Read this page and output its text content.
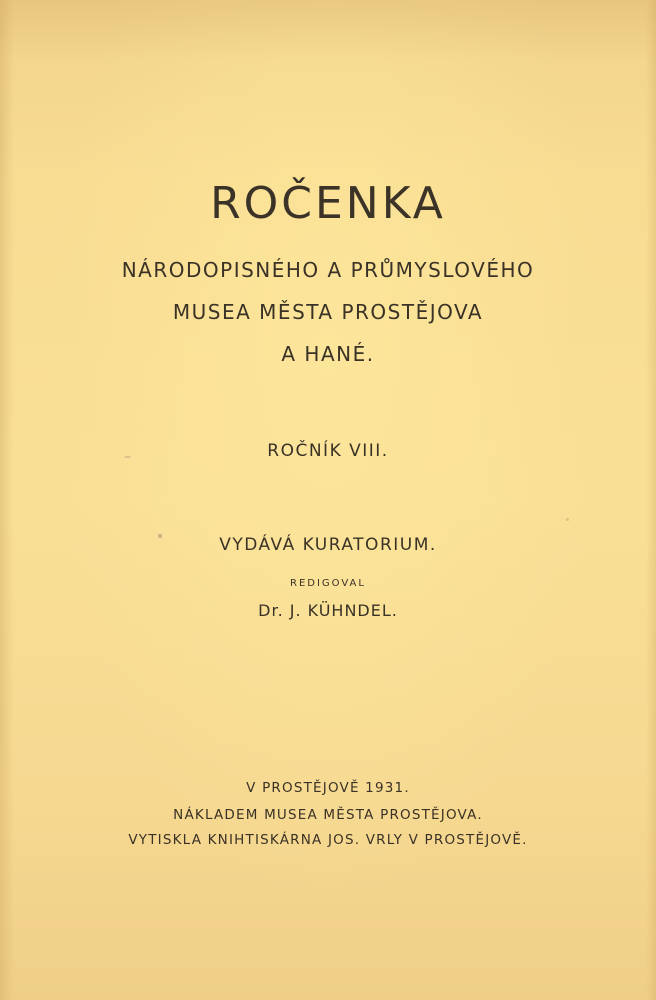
ROČENKA
NÁRODOPISNÉHO A PRŮMYSLOVÉHO
MUSEA MĚSTA PROSTĚJOVA
A HANÉ.
ROČNÍK VIII.
VYDÁVÁ KURATORIUM.
REDIGOVAL
Dr. J. KÜHNDEL.
V PROSTĚJOVĚ 1931.
NÁKLADEM MUSEA MĚSTA PROSTĚJOVA.
VYTISKLA KNIHTISKÁRNA JOS. VRLY V PROSTĚJOVĚ.
